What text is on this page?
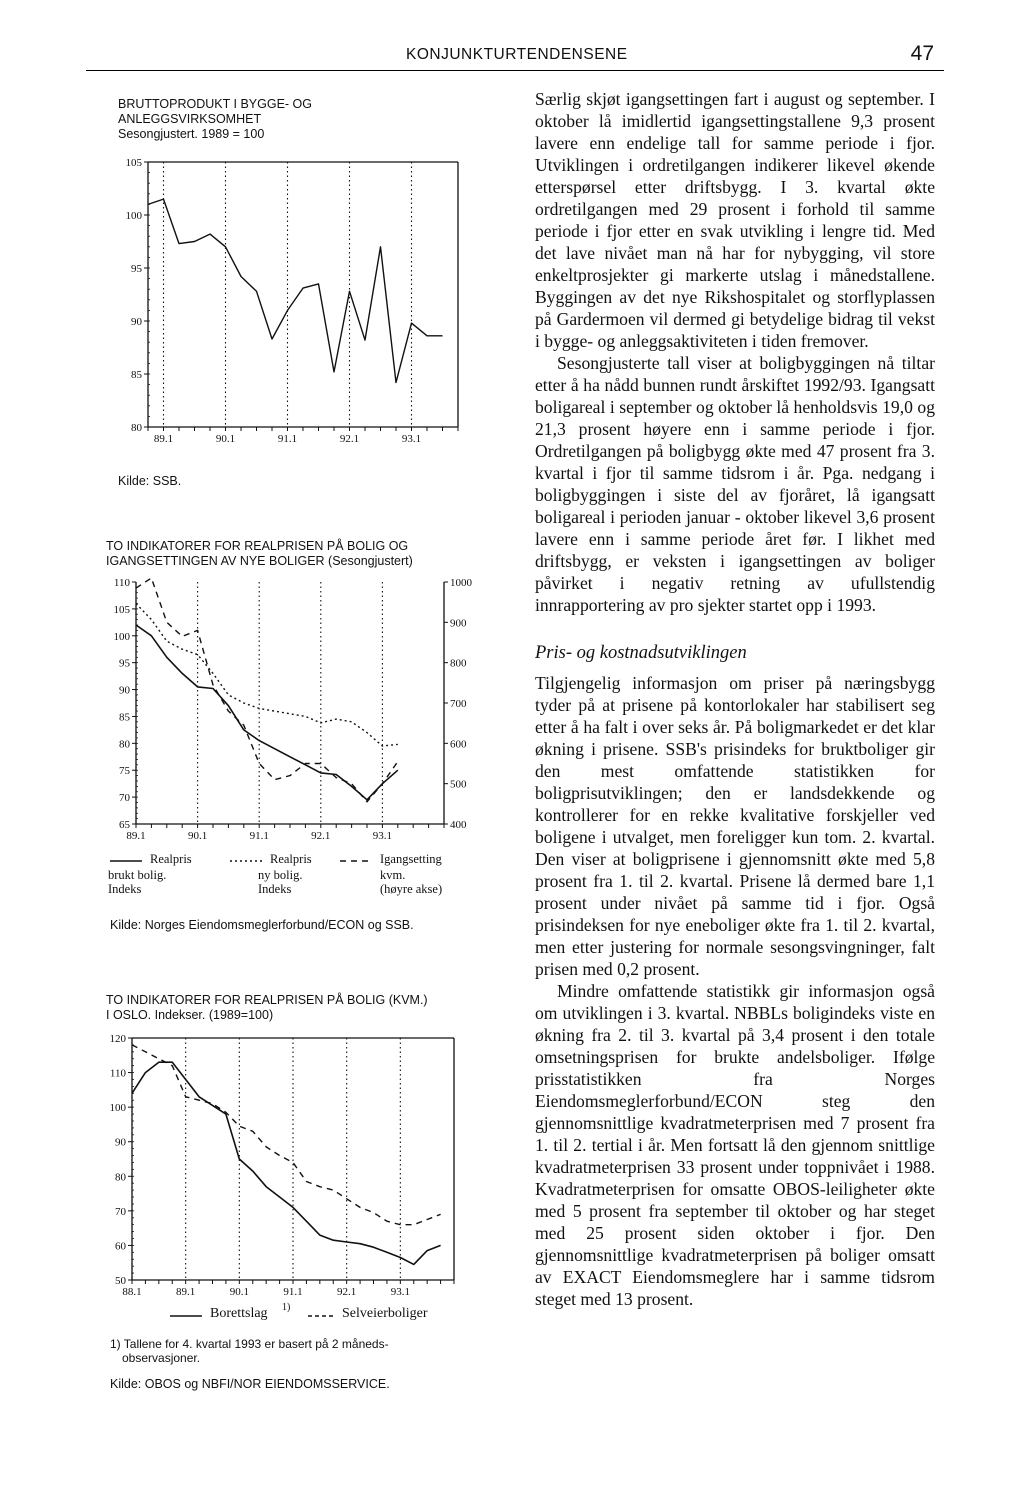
KONJUNKTURTENDENSENE	47
BRUTTOPRODUKT I BYGGE- OG
ANLEGGSVIRKSOMHET
Sesongjustert. 1989 = 100
80
85
90
95
100
105
89.1	90.1	91.1	92.1	93.1
Kilde: SSB.
TO INDIKATORER FOR REALPRISEN PÅ BOLIG OG
IGANGSETTINGEN AV NYE BOLIGER (Sesongjustert)
65
70
75
80
85
90
95
100
105
110
400
500
600
700
800
900
1000
89.1	90.1	91.1	92.1	93.1
Realpris
brukt bolig.
Indeks
Realpris
ny bolig.
Indeks
Igangsetting
kvm.
(høyre akse)
Kilde: Norges Eiendomsmeglerforbund/ECON og SSB.
TO INDIKATORER FOR REALPRISEN PÅ BOLIG (KVM.)
I OSLO. Indekser. (1989=100)
50
60
70
80
90
100
110
120
88.1	89.1	90.1	91.1	92.1	93.1
Borettslag 1)	Selveierboliger
1) Tallene for 4. kvartal 1993 er basert på 2 måneds-
observasjoner.
Kilde: OBOS og NBFI/NOR EIENDOMSSERVICE.

Særlig skjøt igangsettingen fart i august og september. I oktober lå imidlertid igangsettingstallene 9,3 prosent lavere enn endelige tall for samme periode i fjor. Utviklingen i ordretilgangen indikerer likevel økende etterspørsel etter driftsbygg. I 3. kvartal økte ordretilgangen med 29 prosent i forhold til samme periode i fjor etter en svak utvikling i lengre tid. Med det lave nivået man nå har for nybygging, vil store enkeltprosjekter gi markerte utslag i månedstallene. Byggingen av det nye Rikshospitalet og storflyplassen på Gardermoen vil dermed gi betydelige bidrag til vekst i bygge- og anleggsaktiviteten i tiden fremover.

Sesongjusterte tall viser at boligbyggingen nå tiltar etter å ha nådd bunnen rundt årskiftet 1992/93. Igangsatt boligareal i september og oktober lå henholdsvis 19,0 og 21,3 prosent høyere enn i samme periode i fjor. Ordretilgangen på boligbygg økte med 47 prosent fra 3. kvartal i fjor til samme tidsrom i år. Pga. nedgang i boligbyggingen i siste del av fjoråret, lå igangsatt boligareal i perioden januar - oktober likevel 3,6 prosent lavere enn i samme periode året før. I likhet med driftsbygg, er veksten i igangsettingen av boliger påvirket i negativ retning av ufullstendig innrapportering av pro sjekter startet opp i 1993.

Pris- og kostnadsutviklingen

Tilgjengelig informasjon om priser på næringsbygg tyder på at prisene på kontorlokaler har stabilisert seg etter å ha falt i over seks år. På boligmarkedet er det klar økning i prisene. SSB's prisindeks for bruktboliger gir den mest omfattende statistikken for boligprisutviklingen; den er landsdekkende og kontrollerer for en rekke kvalitative forskjeller ved boligene i utvalget, men foreligger kun tom. 2. kvartal. Den viser at boligprisene i gjennomsnitt økte med 5,8 prosent fra 1. til 2. kvartal. Prisene lå dermed bare 1,1 prosent under nivået på samme tid i fjor. Også prisindeksen for nye eneboliger økte fra 1. til 2. kvartal, men etter justering for normale sesongsvingninger, falt prisen med 0,2 prosent.

Mindre omfattende statistikk gir informasjon også om utviklingen i 3. kvartal. NBBLs boligindeks viste en økning fra 2. til 3. kvartal på 3,4 prosent i den totale omsetningsprisen for brukte andelsboliger. Ifølge prisstatistikken fra Norges Eiendomsmeglerforbund/ECON steg den gjennomsnittlige kvadratmeterprisen med 7 prosent fra 1. til 2. tertial i år. Men fortsatt lå den gjennom snittlige kvadratmeterprisen 33 prosent under toppnivået i 1988. Kvadratmeterprisen for omsatte OBOS-leiligheter økte med 5 prosent fra september til oktober og har steget med 25 prosent siden oktober i fjor. Den gjennomsnittlige kvadratmeterprisen på boliger omsatt av EXACT Eiendomsmeglere har i samme tidsrom steget med 13 prosent.
